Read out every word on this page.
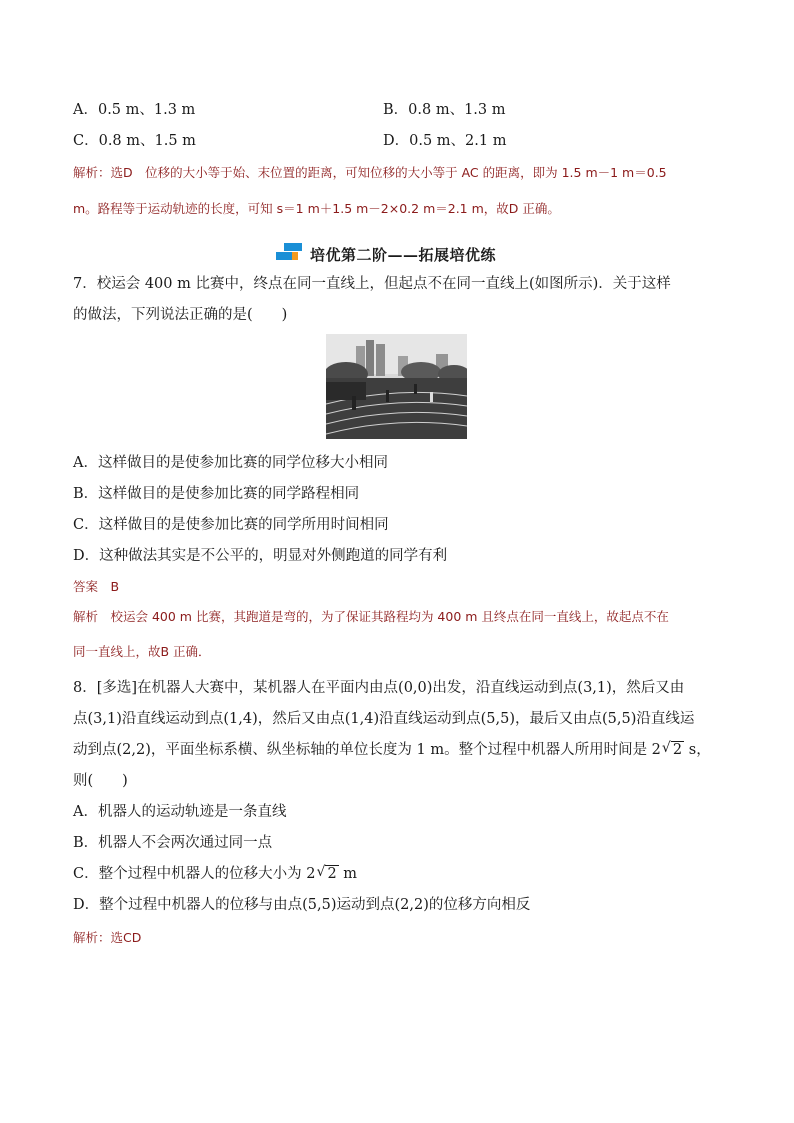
A．0.5 m、1.3 m	B．0.8 m、1.3 m
C．0.8 m、1.5 m	D．0.5 m、2.1 m
解析：选D　位移的大小等于始、末位置的距离，可知位移的大小等于 AC 的距离，即为 1.5 m－1 m＝0.5
m。路程等于运动轨迹的长度，可知 s＝1 m＋1.5 m－2×0.2 m＝2.1 m，故D 正确。
培优第二阶——拓展培优练
7．校运会 400 m 比赛中，终点在同一直线上，但起点不在同一直线上(如图所示)．关于这样
的做法，下列说法正确的是(　　)
A．这样做目的是使参加比赛的同学位移大小相同
B．这样做目的是使参加比赛的同学路程相同
C．这样做目的是使参加比赛的同学所用时间相同
D．这种做法其实是不公平的，明显对外侧跑道的同学有利
答案　B
解析　校运会 400 m 比赛，其跑道是弯的，为了保证其路程均为 400 m 且终点在同一直线上，故起点不在
同一直线上，故B 正确．
8．[多选]在机器人大赛中，某机器人在平面内由点(0,0)出发，沿直线运动到点(3,1)，然后又由
点(3,1)沿直线运动到点(1,4)，然后又由点(1,4)沿直线运动到点(5,5)，最后又由点(5,5)沿直线运
动到点(2,2)，平面坐标系横、纵坐标轴的单位长度为 1 m。整个过程中机器人所用时间是 2 √ 2 s，
则(　　)
A．机器人的运动轨迹是一条直线
B．机器人不会两次通过同一点
C．整个过程中机器人的位移大小为 2 √ 2 m
D．整个过程中机器人的位移与由点(5,5)运动到点(2,2)的位移方向相反
解析：选CD
